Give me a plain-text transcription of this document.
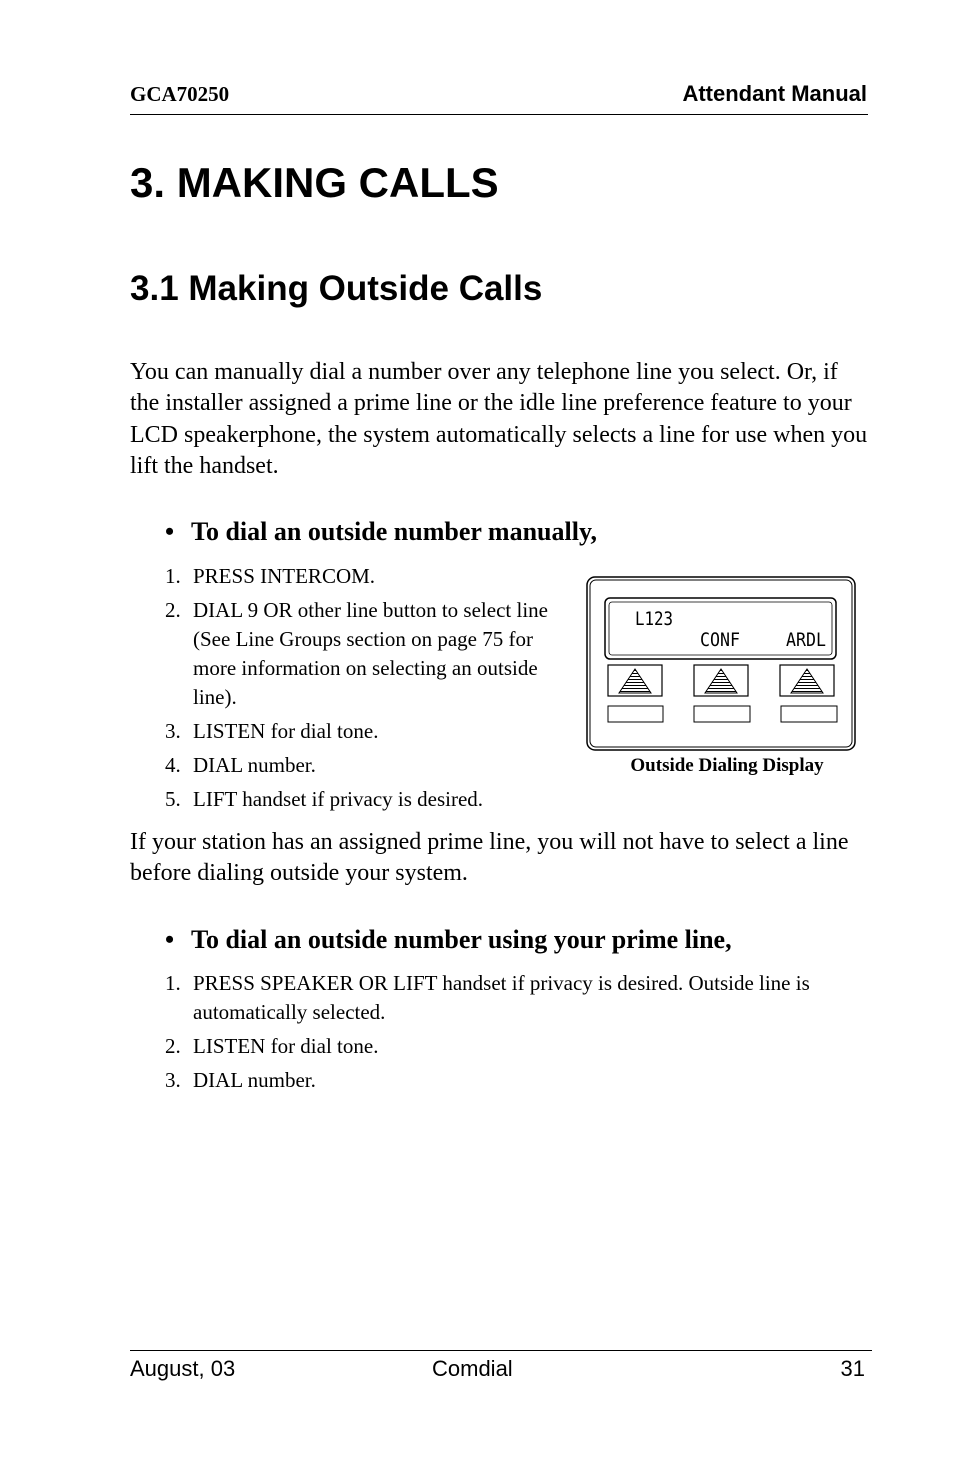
GCA70250	Attendant Manual
3. MAKING CALLS
3.1 Making Outside Calls

You can manually dial a number over any telephone line you select. Or, if the installer assigned a prime line or the idle line preference feature to your LCD speakerphone, the system automatically selects a line for use when you lift the handset.

• To dial an outside number manually,

1. PRESS INTERCOM.
2. DIAL 9 OR other line button to select line (See Line Groups section on page 75 for more information on selecting an outside line).
3. LISTEN for dial tone.
4. DIAL number.
5. LIFT handset if privacy is desired.
L123
CONF ARDL
Outside Dialing Display

If your station has an assigned prime line, you will not have to select a line before dialing outside your system.

• To dial an outside number using your prime line,

1. PRESS SPEAKER OR LIFT handset if privacy is desired. Outside line is automatically selected.
2. LISTEN for dial tone.
3. DIAL number.
August, 03	Comdial	31
